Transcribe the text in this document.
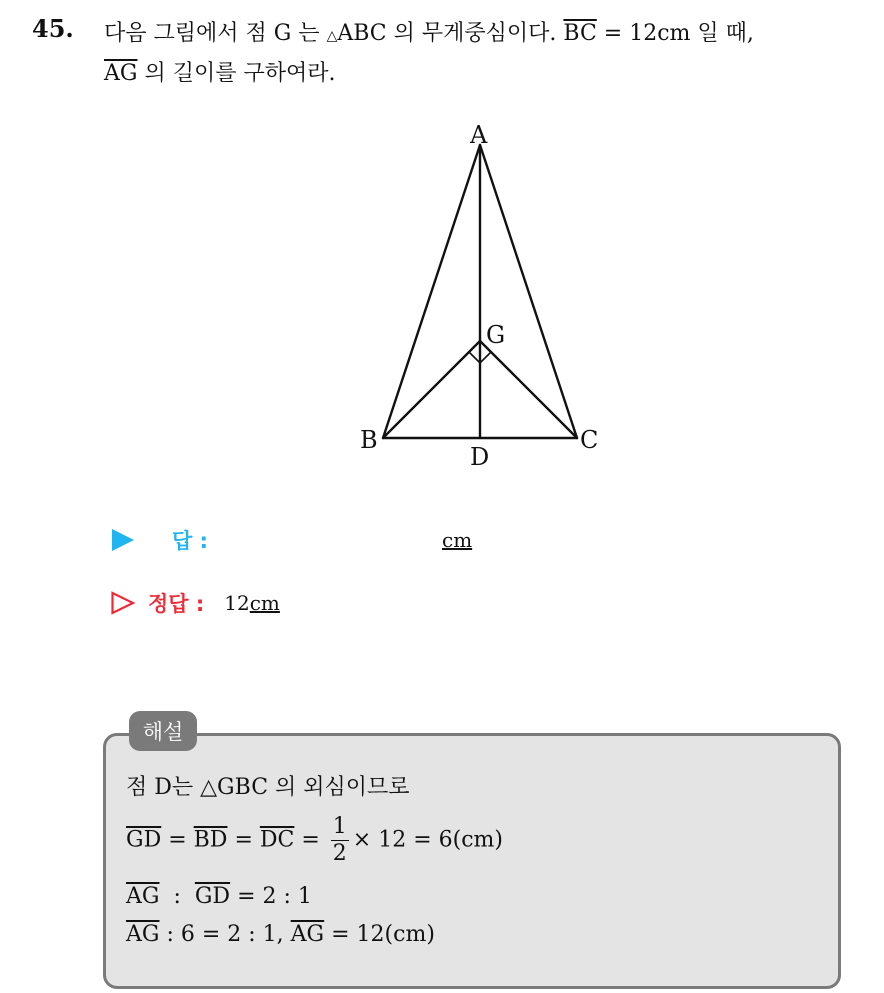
45. 다음 그림에서 점 G 는 △ABC 의 무게중심이다. $\overline{BC} = 12cm$ 일 때,
$\overline{AG}$ 의 길이를 구하여라.
A
G
B	C
D
답 :	cm
정답 : 12 cm
해설
점 D는 △GBC 의 외심이므로
$\overline{GD} = \overline{BD} = \overline{DC} = \frac{1}{2} \times 12 = 6(cm)$
$\overline{AG}$  :  $\overline{GD} = 2$ : 1
$\overline{AG}$ : 6 = 2 : 1, $\overline{AG} = 12(cm)$
